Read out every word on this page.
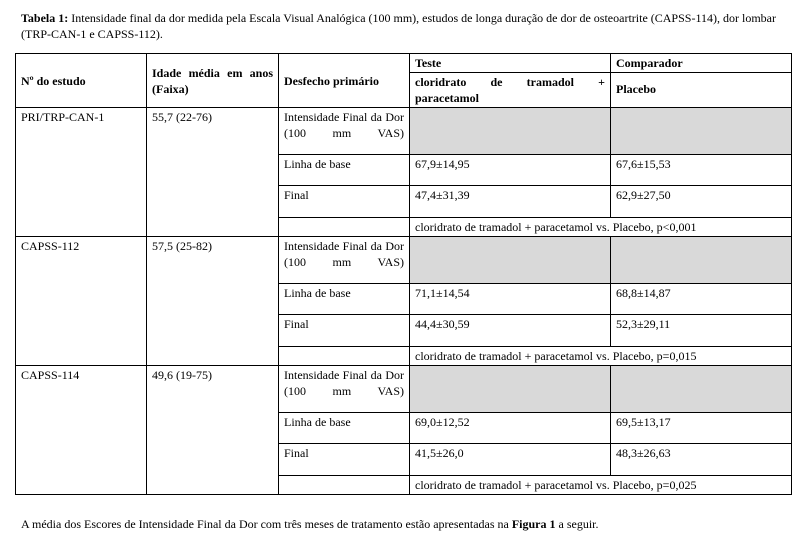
Tabela 1: Intensidade final da dor medida pela Escala Visual Analógica (100 mm), estudos de longa duração de dor de osteoartrite (CAPSS-114), dor lombar (TRP-CAN-1 e CAPSS-112).
Nº do estudo	Idade média em anos (Faixa)	Desfecho primário	Teste	Comparador

			cloridrato de tramadol + paracetamol	Placebo
PRI/TRP-CAN-1	55,7 (22-76)	Intensidade Final da Dor (100 mm VAS)		

		Linha de base	67,9±14,95	67,6±15,53
		Final	47,4±31,39	62,9±27,50
			cloridrato de tramadol + paracetamol vs. Placebo, p<0,001	
CAPSS-112	57,5 (25-82)	Intensidade Final da Dor (100 mm VAS)		

		Linha de base	71,1±14,54	68,8±14,87
		Final	44,4±30,59	52,3±29,11
			cloridrato de tramadol + paracetamol vs. Placebo, p=0,015	
CAPSS-114	49,6 (19-75)	Intensidade Final da Dor (100 mm VAS)		

		Linha de base	69,0±12,52	69,5±13,17
		Final	41,5±26,0	48,3±26,63
			cloridrato de tramadol + paracetamol vs. Placebo, p=0,025	
A média dos Escores de Intensidade Final da Dor com três meses de tratamento estão apresentadas na Figura 1 a seguir.
